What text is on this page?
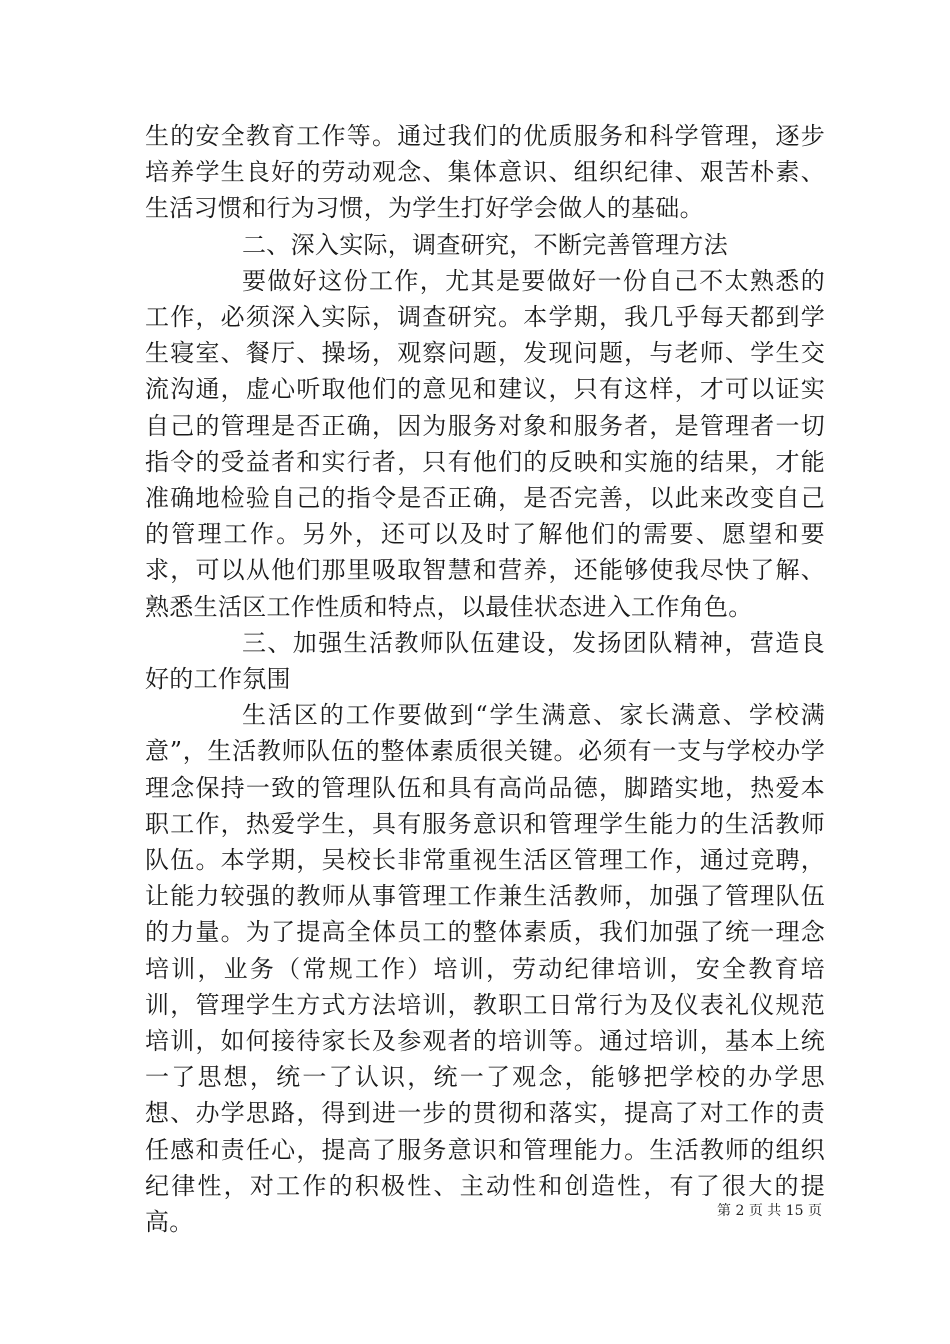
生的安全教育工作等。通过我们的优质服务和科学管理，逐步培养学生良好的劳动观念、集体意识、组织纪律、艰苦朴素、生活习惯和行为习惯，为学生打好学会做人的基础。

二、深入实际，调查研究，不断完善管理方法

要做好这份工作，尤其是要做好一份自己不太熟悉的工作，必须深入实际，调查研究。本学期，我几乎每天都到学生寝室、餐厅、操场，观察问题，发现问题，与老师、学生交流沟通，虚心听取他们的意见和建议，只有这样，才可以证实自己的管理是否正确，因为服务对象和服务者，是管理者一切指令的受益者和实行者，只有他们的反映和实施的结果，才能准确地检验自己的指令是否正确，是否完善，以此来改变自己的管理工作。另外，还可以及时了解他们的需要、愿望和要求，可以从他们那里吸取智慧和营养，还能够使我尽快了解、熟悉生活区工作性质和特点，以最佳状态进入工作角色。

三、加强生活教师队伍建设，发扬团队精神，营造良好的工作氛围

生活区的工作要做到“学生满意、家长满意、学校满意”，生活教师队伍的整体素质很关键。必须有一支与学校办学理念保持一致的管理队伍和具有高尚品德，脚踏实地，热爱本职工作，热爱学生，具有服务意识和管理学生能力的生活教师队伍。本学期，吴校长非常重视生活区管理工作，通过竞聘，让能力较强的教师从事管理工作兼生活教师，加强了管理队伍的力量。为了提高全体员工的整体素质，我们加强了统一理念培训，业务（常规工作）培训，劳动纪律培训，安全教育培训，管理学生方式方法培训，教职工日常行为及仪表礼仪规范培训，如何接待家长及参观者的培训等。通过培训，基本上统一了思想，统一了认识，统一了观念，能够把学校的办学思想、办学思路，得到进一步的贯彻和落实，提高了对工作的责任感和责任心，提高了服务意识和管理能力。生活教师的组织纪律性，对工作的积极性、主动性和创造性，有了很大的提高。	第 2 页 共 15 页
